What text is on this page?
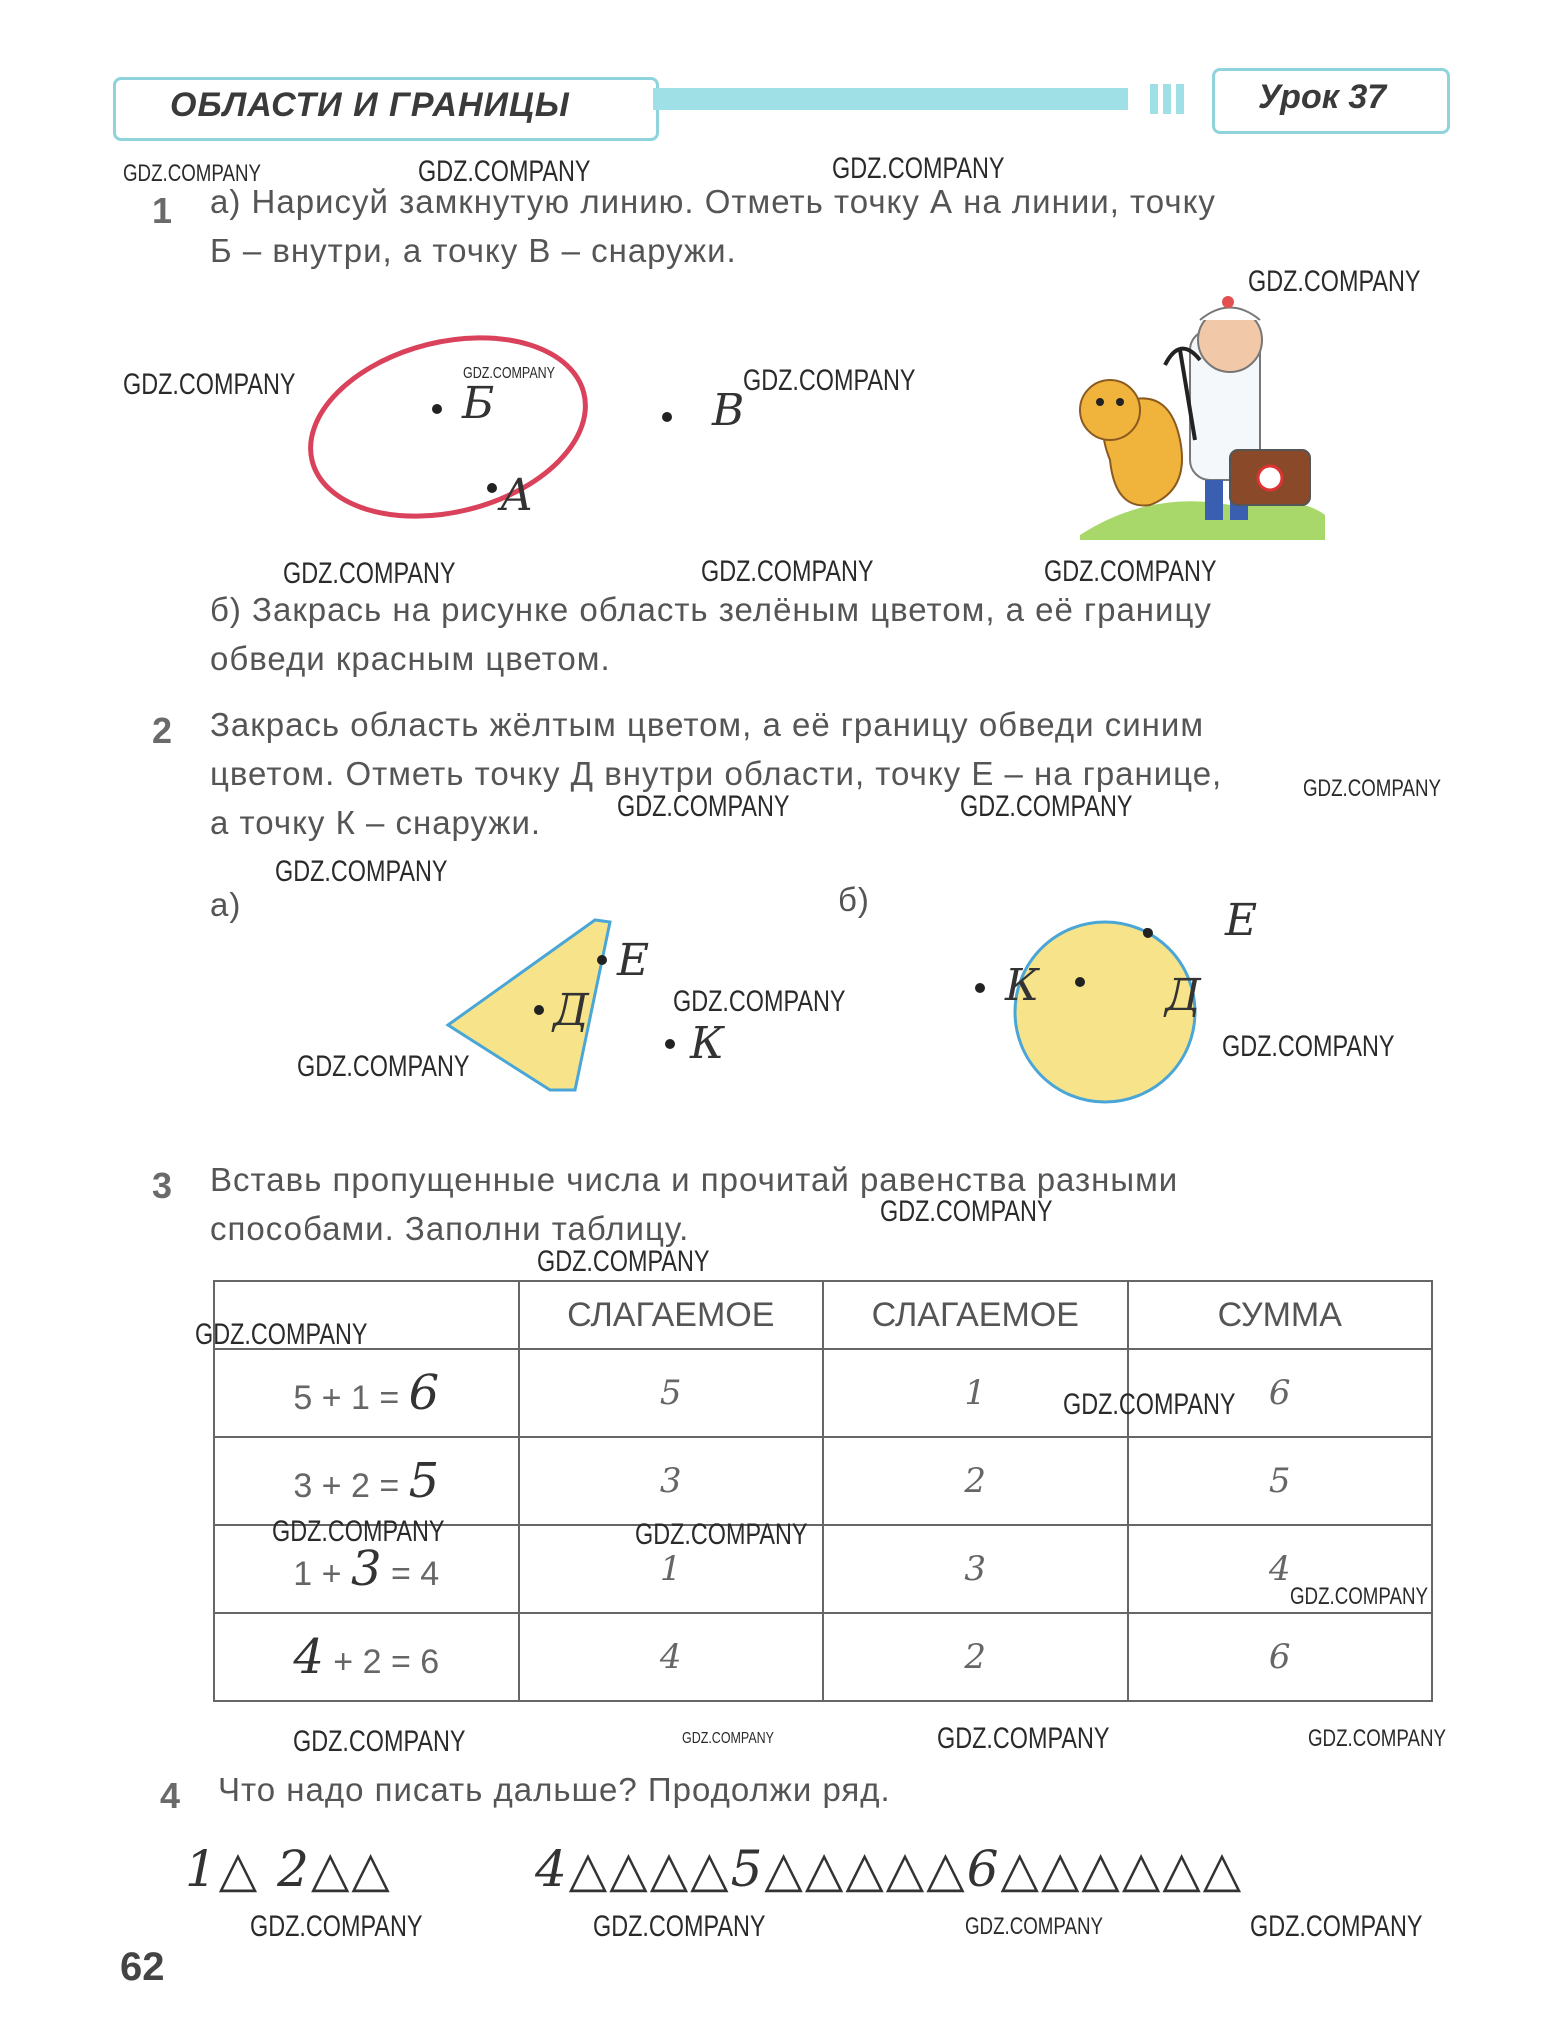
ОБЛАСТИ И ГРАНИЦЫ	Урок 37
1 а) Нарисуй замкнутую линию. Отметь точку А на линии, точку
Б – внутри, а точку В – снаружи.
Б
А
В
б) Закрась на рисунке область зелёным цветом, а её границу
обведи красным цветом.
2 Закрась область жёлтым цветом, а её границу обведи синим
цветом. Отметь точку Д внутри области, точку Е – на границе,
а точку К – снаружи.
а)	б)
Д
Е
К
Д
Е
К
3 Вставь пропущенные числа и прочитай равенства разными
способами. Заполни таблицу.
	СЛАГАЕМОЕ	СЛАГАЕМОЕ	СУММА
5 + 1 = 6	5	1	6
3 + 2 = 5	3	2	5
1 + 3 = 4	1	3	4
4 + 2 = 6	4	2	6
4 Что надо писать дальше? Продолжи ряд.
1△ 2△△	4△△△△5△△△△△6△△△△△△
62
GDZ.COMPANY	GDZ.COMPANY	GDZ.COMPANY
GDZ.COMPANY
GDZ.COMPANY	GDZ.COMPANY	GDZ.COMPANY
GDZ.COMPANY	GDZ.COMPANY	GDZ.COMPANY
GDZ.COMPANY	GDZ.COMPANY
GDZ.COMPANY
GDZ.COMPANY
GDZ.COMPANY
GDZ.COMPANY
GDZ.COMPANY
GDZ.COMPANY
GDZ.COMPANY
GDZ.COMPANY
GDZ.COMPANY
GDZ.COMPANY	GDZ.COMPANY
GDZ.COMPANY
GDZ.COMPANY	GDZ.COMPANY	GDZ.COMPANY	GDZ.COMPANY
GDZ.COMPANY	GDZ.COMPANY	GDZ.COMPANY	GDZ.COMPANY
